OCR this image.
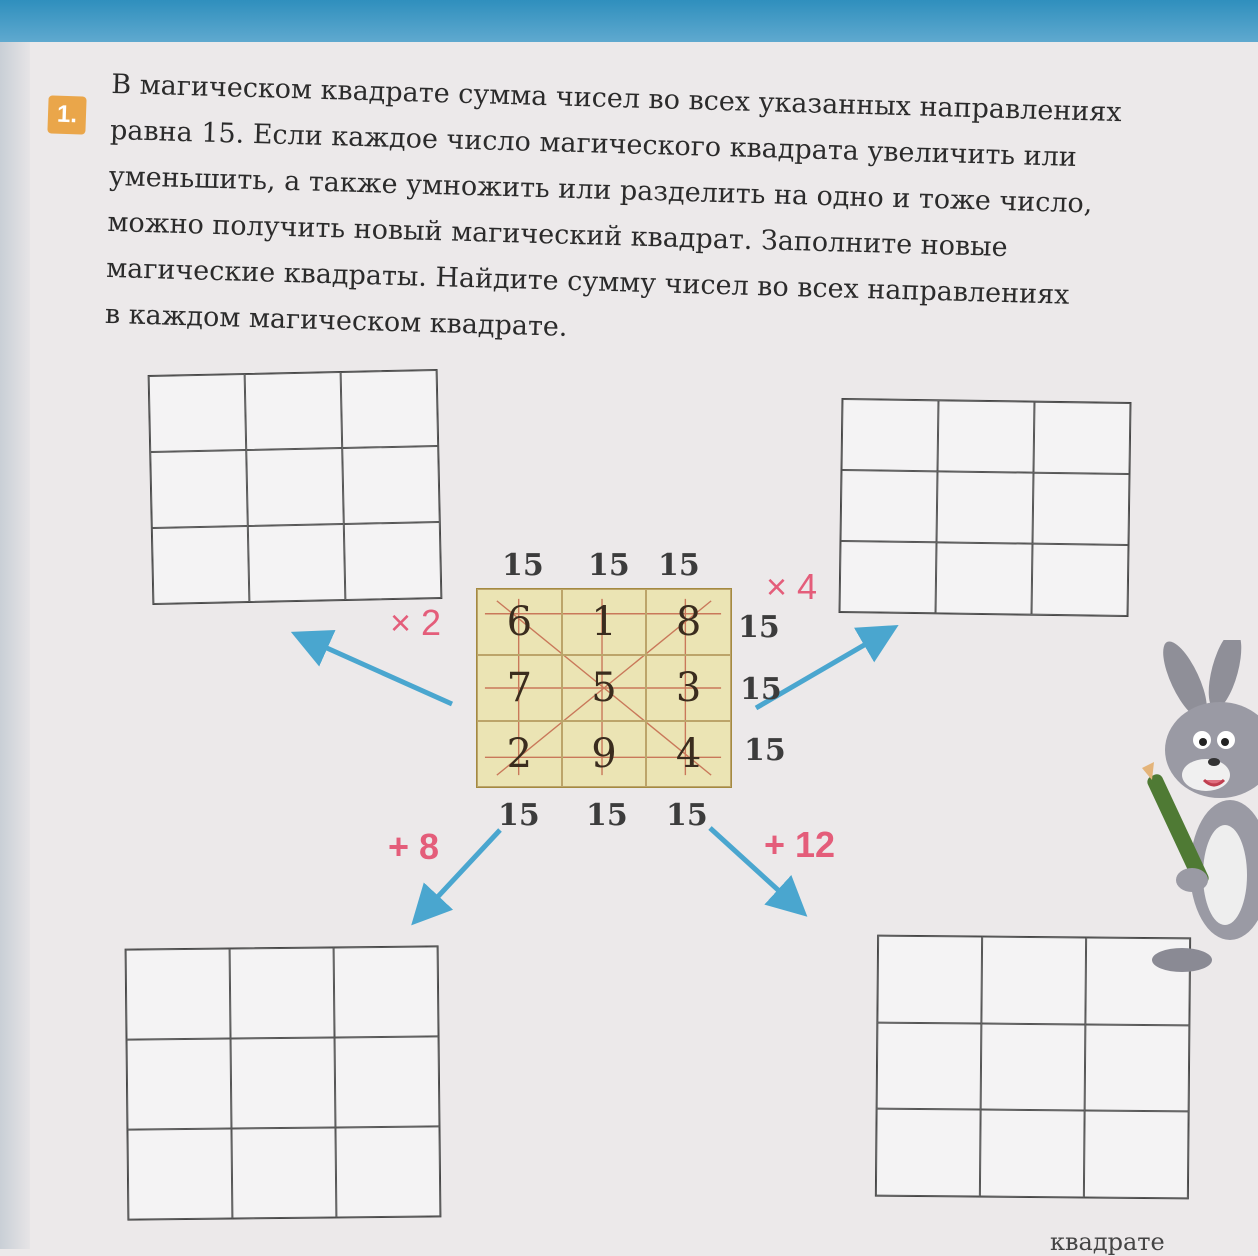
1.	В магическом квадрате сумма чисел во всех указанных направлениях
равна 15. Если каждое число магического квадрата увеличить или
уменьшить, а также умножить или разделить на одно и тоже число,
можно получить новый магический квадрат. Заполните новые
магические квадраты. Найдите сумму чисел во всех направлениях
в каждом магическом квадрате.
6	1	8
7	5	3
2	9	4
15 15 15
15
15
15
15 15 15
× 2
× 4
+ 8	+ 12
квадрате
